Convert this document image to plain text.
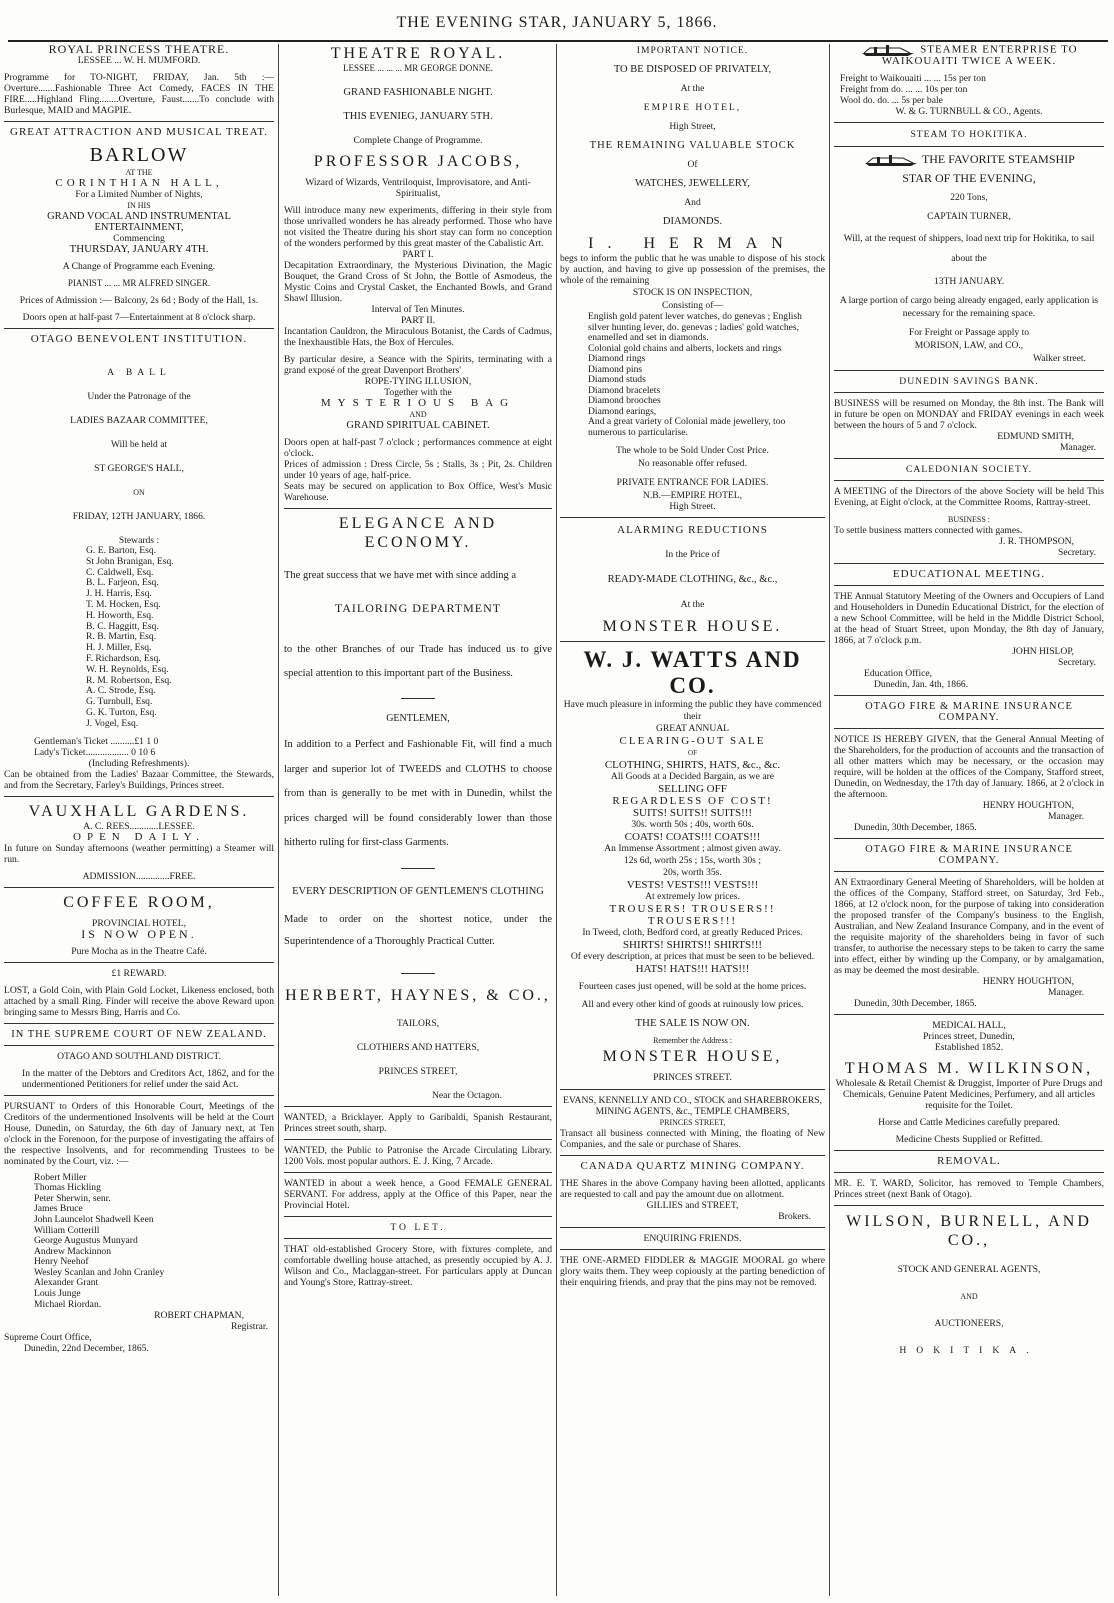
THE EVENING STAR, JANUARY 5, 1866.
ROYAL PRINCESS THEATRE.
LESSEE ... W. H. MUMFORD.
Programme for TO-NIGHT, FRIDAY, Jan. 5th :—Overture.......Fashionable Three Act Comedy, FACES IN THE FIRE.....Highland Fling........Overture, Faust.......To conclude with Burlesque, MAID and MAGPIE.
GREAT ATTRACTION AND MUSICAL TREAT.
BARLOW
AT THE
CORINTHIAN HALL,
For a Limited Number of Nights,
IN HIS
GRAND VOCAL AND INSTRUMENTAL ENTERTAINMENT,
Commencing
THURSDAY, JANUARY 4TH.
A Change of Programme each Evening.
PIANIST ... ... MR ALFRED SINGER.
Prices of Admission :— Balcony, 2s 6d ; Body of the Hall, 1s.
Doors open at half-past 7—Entertainment at 8 o'clock sharp.
OTAGO BENEVOLENT INSTITUTION.
A BALL
Under the Patronage of the
LADIES BAZAAR COMMITTEE,
Will be held at
ST GEORGE'S HALL,
ON
FRIDAY, 12TH JANUARY, 1866.
Stewards :
G. E. Barton, Esq.
St John Branigan, Esq.
C. Caldwell, Esq.
B. L. Farjeon, Esq.
J. H. Harris, Esq.
T. M. Hocken, Esq.
H. Howorth, Esq.
B. C. Haggitt, Esq.
R. B. Martin, Esq.
H. J. Miller, Esq.
F. Richardson, Esq.
W. H. Reynolds, Esq.
R. M. Robertson, Esq.
A. C. Strode, Esq.
G. Turnbull, Esq.
G. K. Turton, Esq.
J. Vogel, Esq.
Gentleman's Ticket ..........£1 1 0
Lady's Ticket.................. 0 10 6
(Including Refreshments).
Can be obtained from the Ladies' Bazaar Committee, the Stewards, and from the Secretary, Farley's Buildings, Princes street.
VAUXHALL GARDENS.
A. C. REES............LESSEE.
OPEN DAILY.
In future on Sunday afternoons (weather permitting) a Steamer will run.
ADMISSION..............FREE.
COFFEE ROOM,
PROVINCIAL HOTEL,
IS NOW OPEN.
Pure Mocha as in the Theatre Café.
£1 REWARD.
LOST, a Gold Coin, with Plain Gold Locket, Likeness enclosed, both attached by a small Ring. Finder will receive the above Reward upon bringing same to Messrs Bing, Harris and Co.
IN THE SUPREME COURT OF NEW ZEALAND.
OTAGO AND SOUTHLAND DISTRICT.
In the matter of the Debtors and Creditors Act, 1862, and for the undermentioned Petitioners for relief under the said Act.
PURSUANT to Orders of this Honorable Court, Meetings of the Creditors of the undermentioned Insolvents will be held at the Court House, Dunedin, on Saturday, the 6th day of January next, at Ten o'clock in the Forenoon, for the purpose of investigating the affairs of the respective Insolvents, and for recommending Trustees to be nominated by the Court, viz. :—
Robert Miller
Thomas Hickling
Peter Sherwin, senr.
James Bruce
John Launcelot Shadwell Keen
William Cotterill
George Augustus Munyard
Andrew Mackinnon
Henry Neehof
Wesley Scanlan and John Cranley
Alexander Grant
Louis Junge
Michael Riordan.
ROBERT CHAPMAN,
Registrar.
Supreme Court Office,
Dunedin, 22nd December, 1865.
THEATRE ROYAL.
LESSEE ... ... ... MR GEORGE DONNE.
GRAND FASHIONABLE NIGHT.
THIS EVENIEG, JANUARY 5TH.
Complete Change of Programme.
PROFESSOR JACOBS,
Wizard of Wizards, Ventriloquist, Improvisatore, and Anti-Spiritualist,
Will introduce many new experiments, differing in their style from those unrivalled wonders he has already performed. Those who have not visited the Theatre during his short stay can form no conception of the wonders performed by this great master of the Cabalistic Art.
PART I.
Decapitation Extraordinary, the Mysterious Divination, the Magic Bouquet, the Grand Cross of St John, the Bottle of Asmodeus, the Mystic Coins and Crystal Casket, the Enchanted Bowls, and Grand Shawl Illusion.
Interval of Ten Minutes.
PART II.
Incantation Cauldron, the Miraculous Botanist, the Cards of Cadmus, the Inexhaustible Hats, the Box of Hercules.
By particular desire, a Seance with the Spirits, terminating with a grand exposé of the great Davenport Brothers'
ROPE-TYING ILLUSION,
Together with the
MYSTERIOUS BAG
AND
GRAND SPIRITUAL CABINET.
Doors open at half-past 7 o'clock ; performances commence at eight o'clock.
Prices of admission : Dress Circle, 5s ; Stalls, 3s ; Pit, 2s. Children under 10 years of age, half-price.
Seats may be secured on application to Box Office, West's Music Warehouse.
ELEGANCE AND ECONOMY.
The great success that we have met with since adding a
TAILORING DEPARTMENT
to the other Branches of our Trade has induced us to give special attention to this important part of the Business.
GENTLEMEN,
In addition to a Perfect and Fashionable Fit, will find a much larger and superior lot of TWEEDS and CLOTHS to choose from than is generally to be met with in Dunedin, whilst the prices charged will be found considerably lower than those hitherto ruling for first-class Garments.
EVERY DESCRIPTION OF GENTLEMEN'S CLOTHING
Made to order on the shortest notice, under the Superintendence of a Thoroughly Practical Cutter.
HERBERT, HAYNES, & CO.,
TAILORS,
CLOTHIERS AND HATTERS,
PRINCES STREET,
Near the Octagon.
WANTED, a Bricklayer. Apply to Garibaldi, Spanish Restaurant, Princes street south, sharp.
WANTED, the Public to Patronise the Arcade Circulating Library. 1200 Vols. most popular authors. E. J. King, 7 Arcade.
WANTED in about a week hence, a Good FEMALE GENERAL SERVANT. For address, apply at the Office of this Paper, near the Provincial Hotel.
TO LET.
THAT old-established Grocery Store, with fixtures complete, and comfortable dwelling house attached, as presently occupied by A. J. Wilson and Co., Maclaggan-street. For particulars apply at Duncan and Young's Store, Rattray-street.
IMPORTANT NOTICE.
TO BE DISPOSED OF PRIVATELY,
At the
EMPIRE HOTEL,
High Street,
THE REMAINING VALUABLE STOCK
Of
WATCHES, JEWELLERY,
And
DIAMONDS.
I. HERMAN
begs to inform the public that he was unable to dispose of his stock by auction, and having to give up possession of the premises, the whole of the remaining
STOCK IS ON INSPECTION,
Consisting of—
English gold patent lever watches, do genevas ; English silver hunting lever, do. genevas ; ladies' gold watches, enamelled and set in diamonds.
Colonial gold chains and alberts, lockets and rings
Diamond rings
Diamond pins
Diamond studs
Diamond bracelets
Diamond brooches
Diamond earings,
And a great variety of Colonial made jewellery, too numerous to particularise.
The whole to be Sold Under Cost Price.
No reasonable offer refused.
PRIVATE ENTRANCE FOR LADIES.
N.B.—EMPIRE HOTEL,
High Street.
ALARMING REDUCTIONS
In the Price of
READY-MADE CLOTHING, &c., &c.,
At the
MONSTER HOUSE.
W. J. WATTS AND CO.
Have much pleasure in informing the public they have commenced their
GREAT ANNUAL
CLEARING-OUT SALE
OF
CLOTHING, SHIRTS, HATS, &c., &c.
All Goods at a Decided Bargain, as we are
SELLING OFF
REGARDLESS OF COST!
SUITS! SUITS!! SUITS!!!
30s. worth 50s ; 40s, worth 60s.
COATS! COATS!!! COATS!!!
An Immense Assortment ; almost given away.
12s 6d, worth 25s ; 15s, worth 30s ;
20s, worth 35s.
VESTS! VESTS!!! VESTS!!!
At extremely low prices.
TROUSERS! TROUSERS!!
TROUSERS!!!
In Tweed, cloth, Bedford cord, at greatly Reduced Prices.
SHIRTS! SHIRTS!! SHIRTS!!!
Of every description, at prices that must be seen to be believed.
HATS! HATS!!! HATS!!!
Fourteen cases just opened, will be sold at the home prices.
All and every other kind of goods at ruinously low prices.
THE SALE IS NOW ON.
Remember the Address :
MONSTER HOUSE,
PRINCES STREET.
EVANS, KENNELLY AND CO., STOCK and SHAREBROKERS, MINING AGENTS, &c., TEMPLE CHAMBERS,
PRINCES STREET,
Transact all business connected with Mining, the floating of New Companies, and the sale or purchase of Shares.
CANADA QUARTZ MINING COMPANY.
THE Shares in the above Company having been allotted, applicants are requested to call and pay the amount due on allotment.
GILLIES and STREET,
Brokers.
ENQUIRING FRIENDS.
THE ONE-ARMED FIDDLER & MAGGIE MOORAL go where glory waits them. They weep copiously at the parting benediction of their enquiring friends, and pray that the pins may not be removed.
STEAMER ENTERPRISE TO WAIKOUAITI TWICE A WEEK.
Freight to Waikouaiti ... ... 15s per ton
Freight from do. ... ... 10s per ton
Wool do. do. ... 5s per bale
W. & G. TURNBULL & CO., Agents.
STEAM TO HOKITIKA.
THE FAVORITE STEAMSHIP
STAR OF THE EVENING,
220 Tons,
CAPTAIN TURNER,
Will, at the request of shippers, load next trip for Hokitika, to sail about the
13TH JANUARY.
A large portion of cargo being already engaged, early application is necessary for the remaining space.
For Freight or Passage apply to
MORISON, LAW, and CO.,
Walker street.
DUNEDIN SAVINGS BANK.
BUSINESS will be resumed on Monday, the 8th inst. The Bank will in future be open on MONDAY and FRIDAY evenings in each week between the hours of 5 and 7 o'clock.
EDMUND SMITH,
Manager.
CALEDONIAN SOCIETY.
A MEETING of the Directors of the above Society will be held This Evening, at Eight o'clock, at the Committee Rooms, Rattray-street.
BUSINESS :
To settle business matters connected with games.
J. R. THOMPSON,
Secretary.
EDUCATIONAL MEETING.
THE Annual Statutory Meeting of the Owners and Occupiers of Land and Householders in Dunedin Educational District, for the election of a new School Committee, will be held in the Middle District School, at the head of Stuart Street, upon Monday, the 8th day of January, 1866, at 7 o'clock p.m.
JOHN HISLOP,
Secretary.
Education Office,
Dunedin, Jan. 4th, 1866.
OTAGO FIRE & MARINE INSURANCE COMPANY.
NOTICE IS HEREBY GIVEN, that the General Annual Meeting of the Shareholders, for the production of accounts and the transaction of all other matters which may be necessary, or the occasion may require, will be holden at the offices of the Company, Stafford street, Dunedin, on Wednesday, the 17th day of January. 1866, at 2 o'clock in the afternoon.
HENRY HOUGHTON,
Manager.
Dunedin, 30th December, 1865.
OTAGO FIRE & MARINE INSURANCE COMPANY.
AN Extraordinary General Meeting of Shareholders, will be holden at the offices of the Company, Stafford street, on Saturday, 3rd Feb., 1866, at 12 o'clock noon, for the purpose of taking into consideration the proposed transfer of the Company's business to the English, Australian, and New Zealand Insurance Company, and in the event of the requisite majority of the shareholders being in favor of such transfer, to authorise the necessary steps to be taken to carry the same into effect, either by winding up the Company, or by amalgamation, as may be deemed the most desirable.
HENRY HOUGHTON,
Manager.
Dunedin, 30th December, 1865.
MEDICAL HALL,
Princes street, Dunedin,
Established 1852.
THOMAS M. WILKINSON,
Wholesale & Retail Chemist & Druggist, Importer of Pure Drugs and Chemicals, Genuine Patent Medicines, Perfumery, and all articles requisite for the Toilet.
Horse and Cattle Medicines carefully prepared.
Medicine Chests Supplied or Refitted.
REMOVAL.
MR. E. T. WARD, Solicitor, has removed to Temple Chambers, Princes street (next Bank of Otago).
WILSON, BURNELL, AND CO.,
STOCK AND GENERAL AGENTS,
AND
AUCTIONEERS,
HOKITIKA.
